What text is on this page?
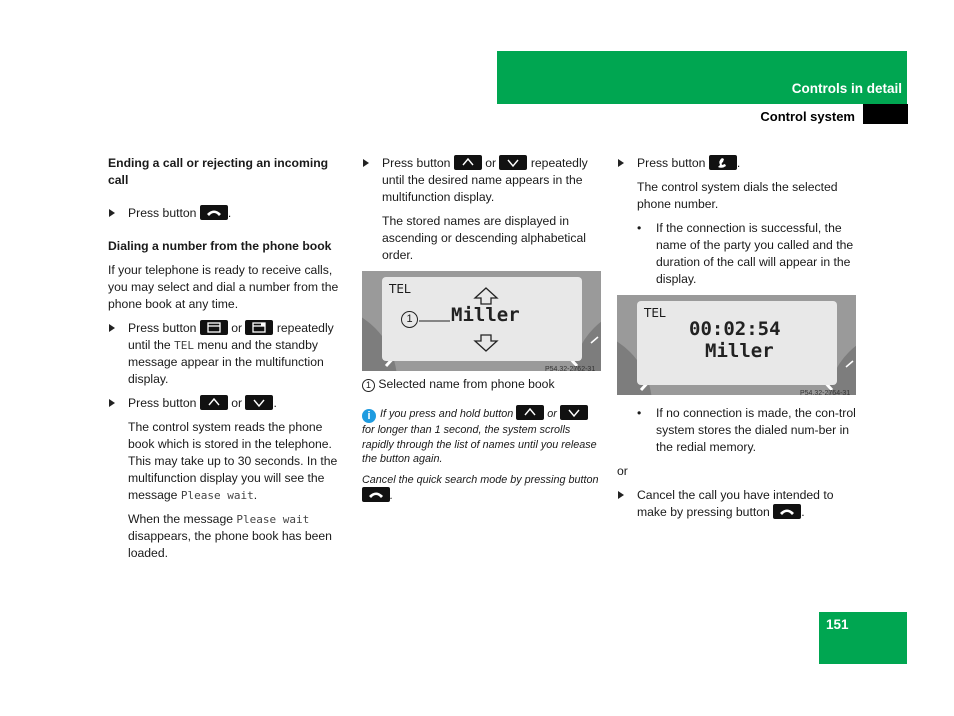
Controls in detail
Control system
Ending a call or rejecting an incoming call
Press button	.
Dialing a number from the phone book
If your telephone is ready to receive calls, you may select and dial a number from the phone book at any time.
Press button	or	repeatedly until the TEL menu and the standby message appear in the multifunction display.
Press button	or	.
The control system reads the phone book which is stored in the telephone. This may take up to 30 seconds. In the multifunction display you will see the message Please wait.
When the message Please wait disappears, the phone book has been loaded.
Press button	or	repeatedly until the desired name appears in the multifunction display.
The stored names are displayed in ascending or descending alphabetical order.
TEL
1 Miller
P54.32-2762-31
1 Selected name from phone book
i If you press and hold button	or
for longer than 1 second, the system scrolls rapidly through the list of names until you release the button again.
Cancel the quick search mode by pressing button
.
Press button	.
The control system dials the selected phone number.
• If the connection is successful, the name of the party you called and the duration of the call will appear in the display.
TEL
00:02:54
Miller
P54.32-2764-31
• If no connection is made, the con-trol system stores the dialed num-ber in the redial memory.
or
Cancel the call you have intended to make by pressing button	.
151
